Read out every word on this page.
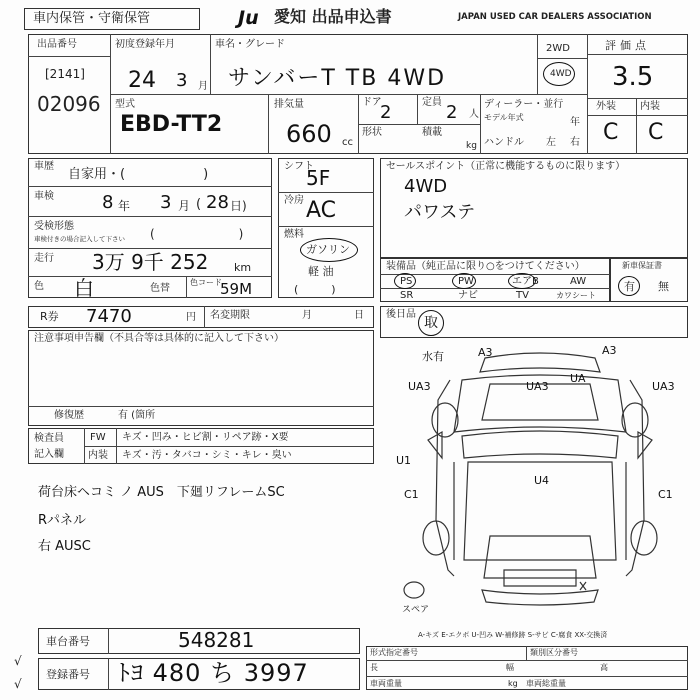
車内保管・守衛保管	Ju 愛知 出品申込書	JAPAN USED CAR DEALERS ASSOCIATION
出品番号
[2141]
02096
初度登録年月
24 3 月
車名・グレード
サンバーT TB 4WD
2WD
4WD
評価点
3.5
外装 内装
C C
型式
EBD-TT2
排気量
660 cc
ドア
2	定員 2 人
形状	積載
kg
ディーラー・並行
モデル年式	年
ハンドル 左 右
車歴
自家用・(　　　　　　)
車検	8 年 3 月 ( 28 日)
受検形態
車検付きの場合記入して下さい (　　　　　　　)
走行 3万 9千 252 km
色 白	色替
色コード
59M
シフト
5F
冷房 AC
燃料
ガソリン
軽 油
(　　　)
セールスポイント（正常に機能するものに限ります）
4WD
パワステ
装備品（純正品に限り○をつけてください）
PS	PW	エアB	AW
SR	ナビ	TV	カワシート
新車保証書
有 無
R券 7470	円 名変期限	月	日 後日品
取
注意事項申告欄（不具合等は具体的に記入して下さい）
修復歴	有 (箇所
検査員
記入欄
FW キズ・凹み・ヒビ割・リペア跡・X要
内装 キズ・汚・タバコ・シミ・キレ・臭い
荷台床ヘコミ ノ AUS　下廻リフレームSC
Rパネル
右 AUSC
水有	A3	A3
UA3	UA3	UA3
UA
U1
U4
C1	C1
スペア
A-キズ E-エクボ U-凹み W-補修跡 S-サビ C-腐食 XX-交換済
車台番号	548281
登録番号 ﾄﾖ 480 ち 3997
√
√
形式指定番号	類別区分番号
長	幅	高
車両重量	kg 車両総重量
